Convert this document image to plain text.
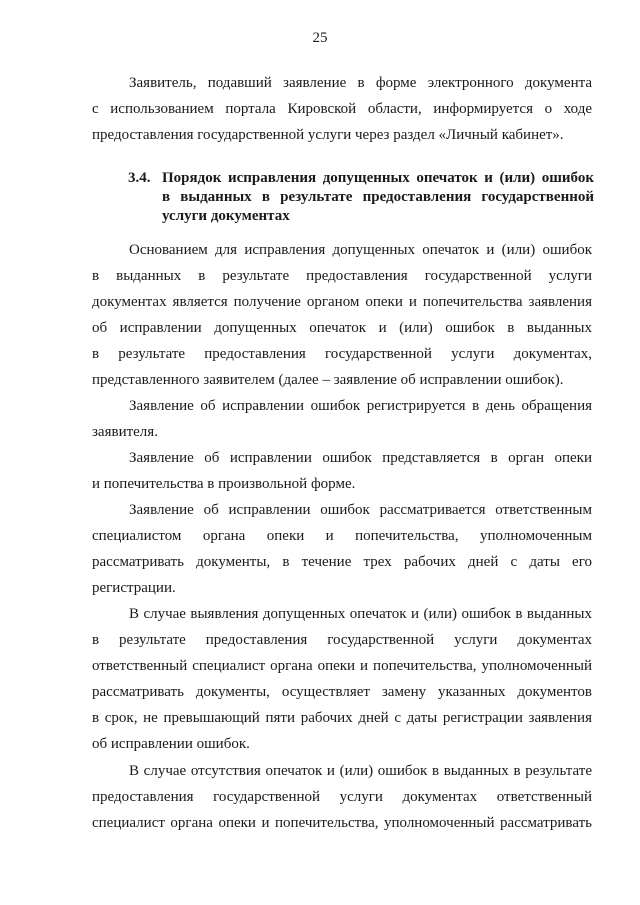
25
Заявитель, подавший заявление в форме электронного документа
с использованием портала Кировской области, информируется о ходе
предоставления государственной услуги через раздел «Личный кабинет».
3.4. Порядок исправления допущенных опечаток и (или) ошибок
в выданных в результате предоставления государственной
услуги документах
Основанием для исправления допущенных опечаток и (или) ошибок
в выданных в результате предоставления государственной услуги
документах является получение органом опеки и попечительства заявления
об исправлении допущенных опечаток и (или) ошибок в выданных
в результате предоставления государственной услуги документах,
представленного заявителем (далее – заявление об исправлении ошибок).
Заявление об исправлении ошибок регистрируется в день обращения
заявителя.
Заявление об исправлении ошибок представляется в орган опеки
и попечительства в произвольной форме.
Заявление об исправлении ошибок рассматривается ответственным
специалистом органа опеки и попечительства, уполномоченным
рассматривать документы, в течение трех рабочих дней с даты его
регистрации.
В случае выявления допущенных опечаток и (или) ошибок в выданных
в результате предоставления государственной услуги документах
ответственный специалист органа опеки и попечительства, уполномоченный
рассматривать документы, осуществляет замену указанных документов
в срок, не превышающий пяти рабочих дней с даты регистрации заявления
об исправлении ошибок.
В случае отсутствия опечаток и (или) ошибок в выданных в результате
предоставления государственной услуги документах ответственный
специалист органа опеки и попечительства, уполномоченный рассматривать
